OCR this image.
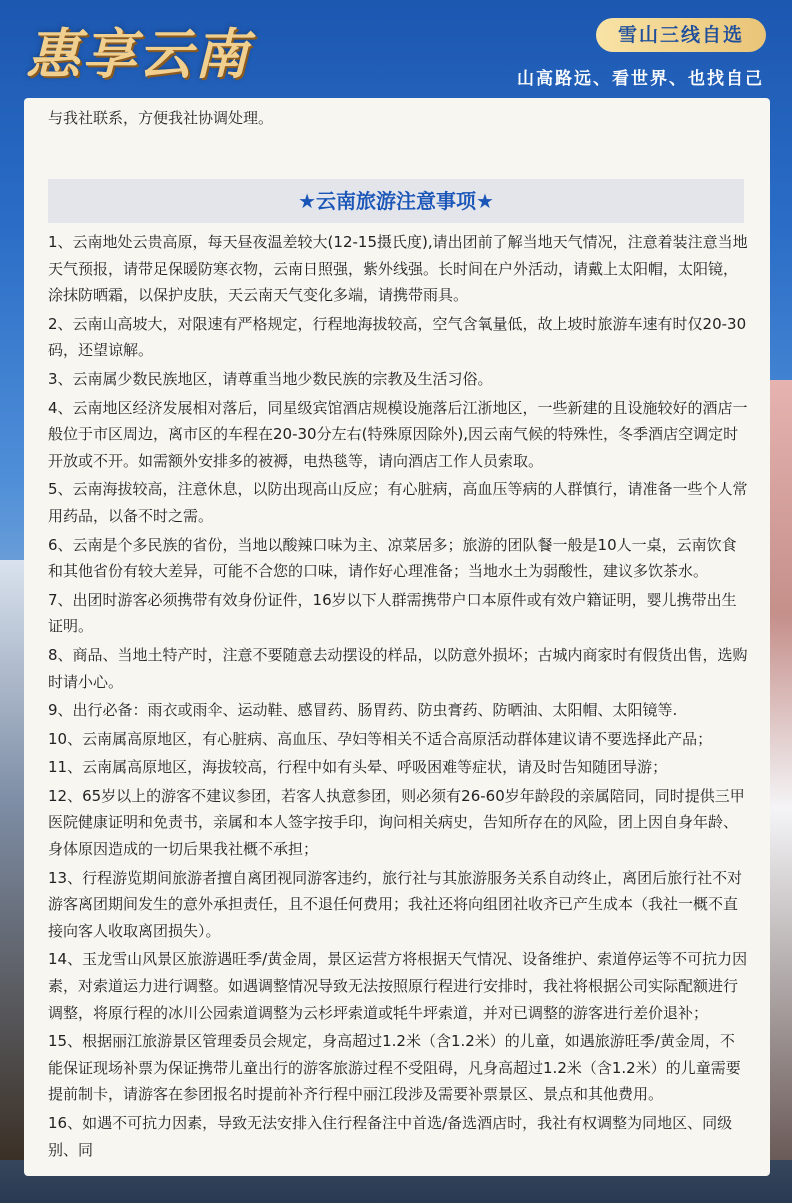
惠享云南	雪山三线自选
山高路远、看世界、也找自己
与我社联系，方便我社协调处理。
★云南旅游注意事项★
1、云南地处云贵高原，每天昼夜温差较大(12-15摄氏度),请出团前了解当地天气情况，注意着装注意当地天气预报，请带足保暖防寒衣物，云南日照强，紫外线强。长时间在户外活动，请戴上太阳帽，太阳镜，涂抹防晒霜，以保护皮肤，天云南天气变化多端，请携带雨具。
2、云南山高坡大，对限速有严格规定，行程地海拔较高，空气含氧量低，故上坡时旅游车速有时仅20-30码，还望谅解。
3、云南属少数民族地区，请尊重当地少数民族的宗教及生活习俗。
4、云南地区经济发展相对落后，同星级宾馆酒店规模设施落后江浙地区，一些新建的且设施较好的酒店一般位于市区周边，离市区的车程在20-30分左右(特殊原因除外),因云南气候的特殊性，冬季酒店空调定时开放或不开。如需额外安排多的被褥，电热毯等，请向酒店工作人员索取。
5、云南海拔较高，注意休息，以防出现高山反应；有心脏病，高血压等病的人群慎行，请准备一些个人常用药品，以备不时之需。
6、云南是个多民族的省份，当地以酸辣口味为主、凉菜居多；旅游的团队餐一般是10人一桌，云南饮食和其他省份有较大差异，可能不合您的口味，请作好心理准备；当地水土为弱酸性，建议多饮茶水。
7、出团时游客必须携带有效身份证件，16岁以下人群需携带户口本原件或有效户籍证明，婴儿携带出生证明。
8、商品、当地土特产时，注意不要随意去动摆设的样品，以防意外损坏；古城内商家时有假货出售，选购时请小心。
9、出行必备：雨衣或雨伞、运动鞋、感冒药、肠胃药、防虫膏药、防晒油、太阳帽、太阳镜等.
10、云南属高原地区，有心脏病、高血压、孕妇等相关不适合高原活动群体建议请不要选择此产品；
11、云南属高原地区，海拔较高，行程中如有头晕、呼吸困难等症状，请及时告知随团导游；
12、65岁以上的游客不建议参团，若客人执意参团，则必须有26-60岁年龄段的亲属陪同，同时提供三甲医院健康证明和免责书，亲属和本人签字按手印，询问相关病史，告知所存在的风险，团上因自身年龄、身体原因造成的一切后果我社概不承担；
13、行程游览期间旅游者擅自离团视同游客违约，旅行社与其旅游服务关系自动终止，离团后旅行社不对游客离团期间发生的意外承担责任，且不退任何费用；我社还将向组团社收齐已产生成本（我社一概不直接向客人收取离团损失）。
14、玉龙雪山风景区旅游遇旺季/黄金周，景区运营方将根据天气情况、设备维护、索道停运等不可抗力因素，对索道运力进行调整。如遇调整情况导致无法按照原行程进行安排时，我社将根据公司实际配额进行调整，将原行程的冰川公园索道调整为云杉坪索道或牦牛坪索道，并对已调整的游客进行差价退补；
15、根据丽江旅游景区管理委员会规定，身高超过1.2米（含1.2米）的儿童，如遇旅游旺季/黄金周，不能保证现场补票为保证携带儿童出行的游客旅游过程不受阻碍，凡身高超过1.2米（含1.2米）的儿童需要提前制卡，请游客在参团报名时提前补齐行程中丽江段涉及需要补票景区、景点和其他费用。
16、如遇不可抗力因素，导致无法安排入住行程备注中首选/备选酒店时，我社有权调整为同地区、同级别、同
